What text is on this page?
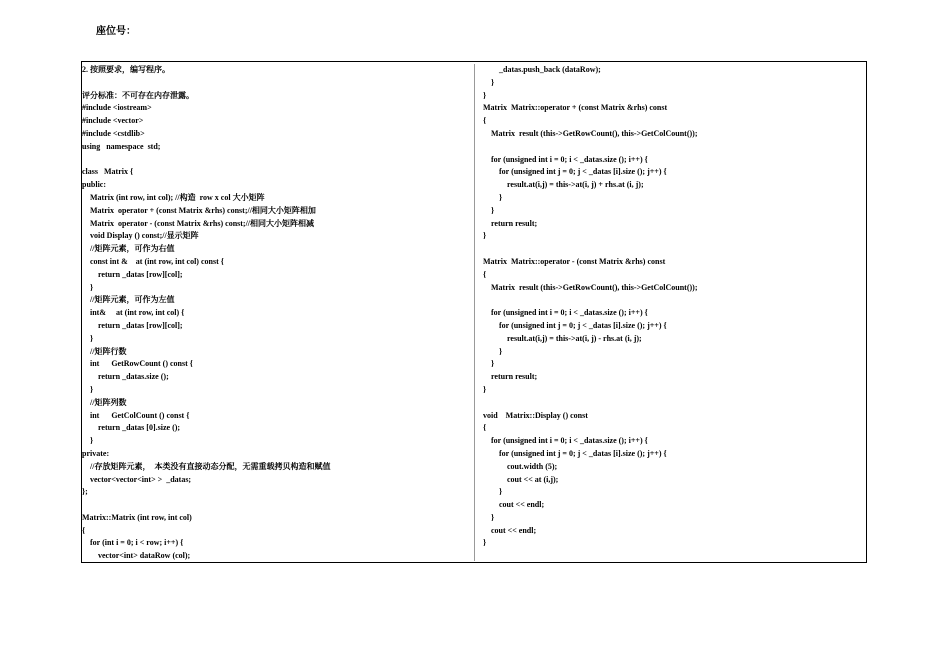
座位号：
2. 按照要求，编写程序。
评分标准：不可存在内存泄露。
#include <iostream>
#include <vector>
#include <cstdlib>
using   namespace  std;
class   Matrix {
public:
Matrix (int row, int col); //构造  row x col 大小矩阵
Matrix  operator + (const Matrix &rhs) const;//相同大小矩阵相加
Matrix  operator - (const Matrix &rhs) const;//相同大小矩阵相减
void Display () const;//显示矩阵
//矩阵元素，可作为右值
const int &    at (int row, int col) const {
return _datas [row][col];
}
//矩阵元素，可作为左值
int&     at (int row, int col) {
return _datas [row][col];
}
//矩阵行数
int      GetRowCount () const {
return _datas.size ();
}
//矩阵列数
int      GetColCount () const {
return _datas [0].size ();
}
private:
//存放矩阵元素，  本类没有直接动态分配，无需重载拷贝构造和赋值
vector<vector<int> >  _datas;
};
Matrix::Matrix (int row, int col)
{
for (int i = 0; i < row; i++) {
vector<int> dataRow (col);
_datas.push_back (dataRow);
}
}
Matrix  Matrix::operator + (const Matrix &rhs) const
{
Matrix  result (this->GetRowCount(), this->GetColCount());
for (unsigned int i = 0; i < _datas.size (); i++) {
for (unsigned int j = 0; j < _datas [i].size (); j++) {
result.at(i,j) = this->at(i, j) + rhs.at (i, j);
}
}
return result;
}
Matrix  Matrix::operator - (const Matrix &rhs) const
{
Matrix  result (this->GetRowCount(), this->GetColCount());
for (unsigned int i = 0; i < _datas.size (); i++) {
for (unsigned int j = 0; j < _datas [i].size (); j++) {
result.at(i,j) = this->at(i, j) - rhs.at (i, j);
}
}
return result;
}
void    Matrix::Display () const
{
for (unsigned int i = 0; i < _datas.size (); i++) {
for (unsigned int j = 0; j < _datas [i].size (); j++) {
cout.width (5);
cout << at (i,j);
}
cout << endl;
}
cout << endl;
}
